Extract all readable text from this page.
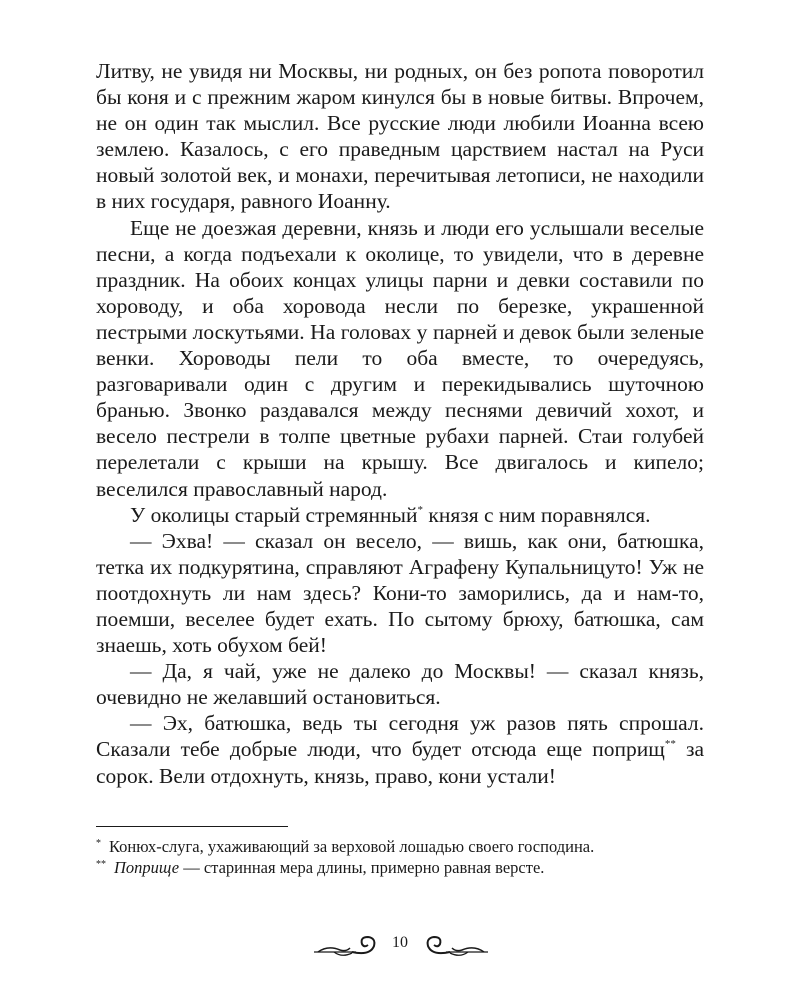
Литву, не увидя ни Москвы, ни родных, он без ропота поворотил бы коня и с прежним жаром кинулся бы в новые битвы. Впрочем, не он один так мыслил. Все русские люди любили Иоанна всею землею. Казалось, с его праведным царствием настал на Руси новый золотой век, и монахи, перечитывая летописи, не находили в них государя, равного Иоанну.

Еще не доезжая деревни, князь и люди его услышали веселые песни, а когда подъехали к околице, то увидели, что в деревне праздник. На обоих концах улицы парни и девки составили по хороводу, и оба хоровода несли по березке, украшенной пестрыми лоскутьями. На головах у парней и девок были зеленые венки. Хороводы пели то оба вместе, то очередуясь, разговаривали один с другим и перекидывались шуточною бранью. Звонко раздавался между песнями девичий хохот, и весело пестрели в толпе цветные рубахи парней. Стаи голубей перелетали с крыши на крышу. Все двигалось и кипело; веселился православный народ.

У околицы старый стремянный* князя с ним поравнялся.

— Эхва! — сказал он весело, — вишь, как они, батюшка, тетка их подкурятина, справляют Аграфену Купальницуто! Уж не поотдохнуть ли нам здесь? Кони-то заморились, да и нам-то, поемши, веселее будет ехать. По сытому брюху, батюшка, сам знаешь, хоть обухом бей!

— Да, я чай, уже не далеко до Москвы! — сказал князь, очевидно не желавший остановиться.

— Эх, батюшка, ведь ты сегодня уж разов пять спрошал. Сказали тебе добрые люди, что будет отсюда еще поприщ** за сорок. Вели отдохнуть, князь, право, кони устали!

* Конюх-слуга, ухаживающий за верховой лошадью своего господина.

** Поприще — старинная мера длины, примерно равная версте.

10
